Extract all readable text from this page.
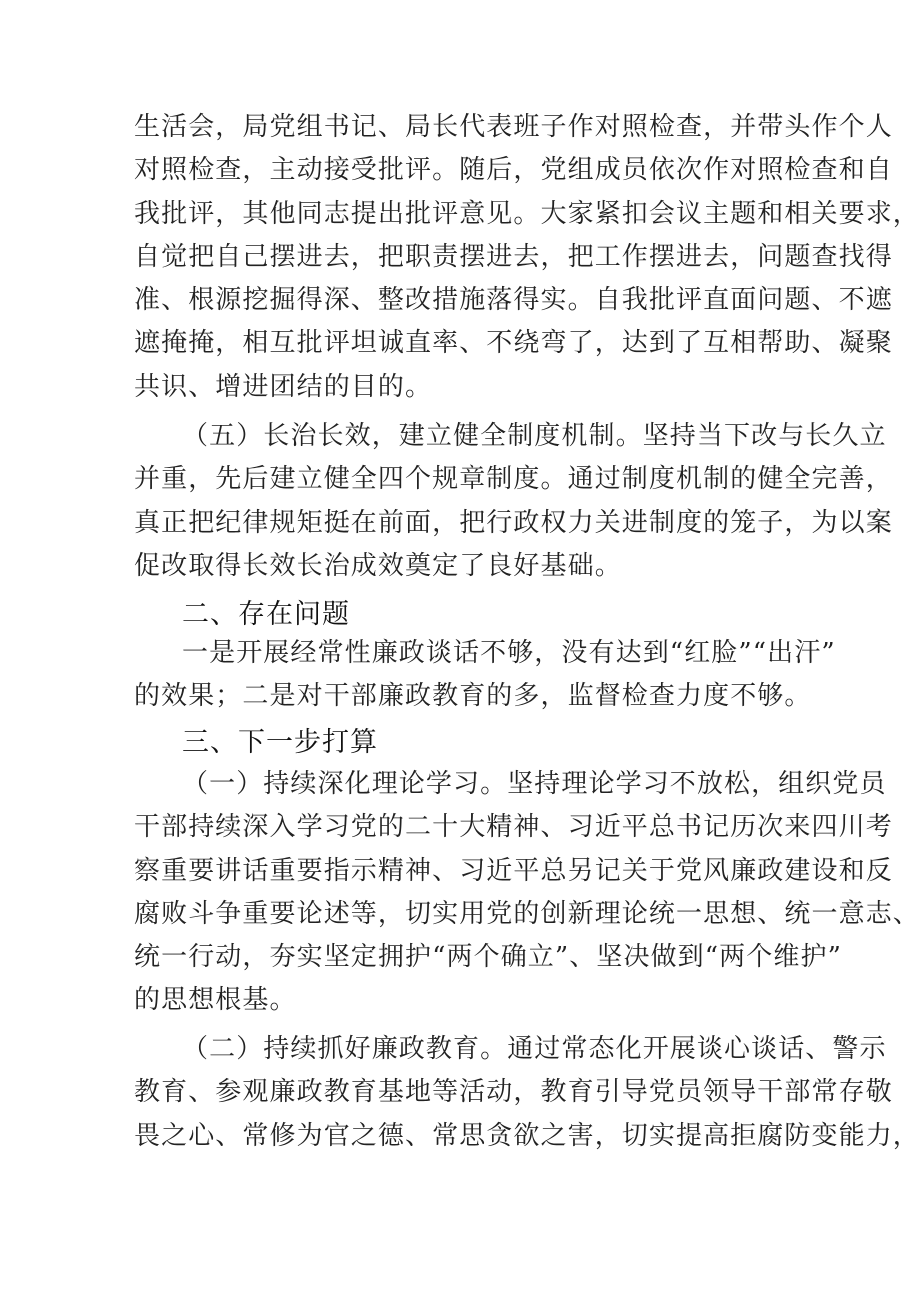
生活会，局党组书记、局长代表班子作对照检查，并带头作个人
对照检查，主动接受批评。随后，党组成员依次作对照检查和自
我批评，其他同志提出批评意见。大家紧扣会议主题和相关要求，
自觉把自己摆进去，把职责摆进去，把工作摆进去，问题查找得
准、根源挖掘得深、整改措施落得实。自我批评直面问题、不遮
遮掩掩，相互批评坦诚直率、不绕弯了，达到了互相帮助、凝聚
共识、增进团结的目的。
（五）长治长效，建立健全制度机制。坚持当下改与长久立
并重，先后建立健全四个规章制度。通过制度机制的健全完善，
真正把纪律规矩挺在前面，把行政权力关进制度的笼子，为以案
促改取得长效长治成效奠定了良好基础。
二、存在问题
一是开展经常性廉政谈话不够，没有达到“红脸”“出汗”
的效果；二是对干部廉政教育的多，监督检查力度不够。
三、下一步打算
（一）持续深化理论学习。坚持理论学习不放松，组织党员
干部持续深入学习党的二十大精神、习近平总书记历次来四川考
察重要讲话重要指示精神、习近平总另记关于党风廉政建设和反
腐败斗争重要论述等，切实用党的创新理论统一思想、统一意志、
统一行动，夯实坚定拥护“两个确立”、坚决做到“两个维护”
的思想根基。
（二）持续抓好廉政教育。通过常态化开展谈心谈话、警示
教育、参观廉政教育基地等活动，教育引导党员领导干部常存敬
畏之心、常修为官之德、常思贪欲之害，切实提高拒腐防变能力，
